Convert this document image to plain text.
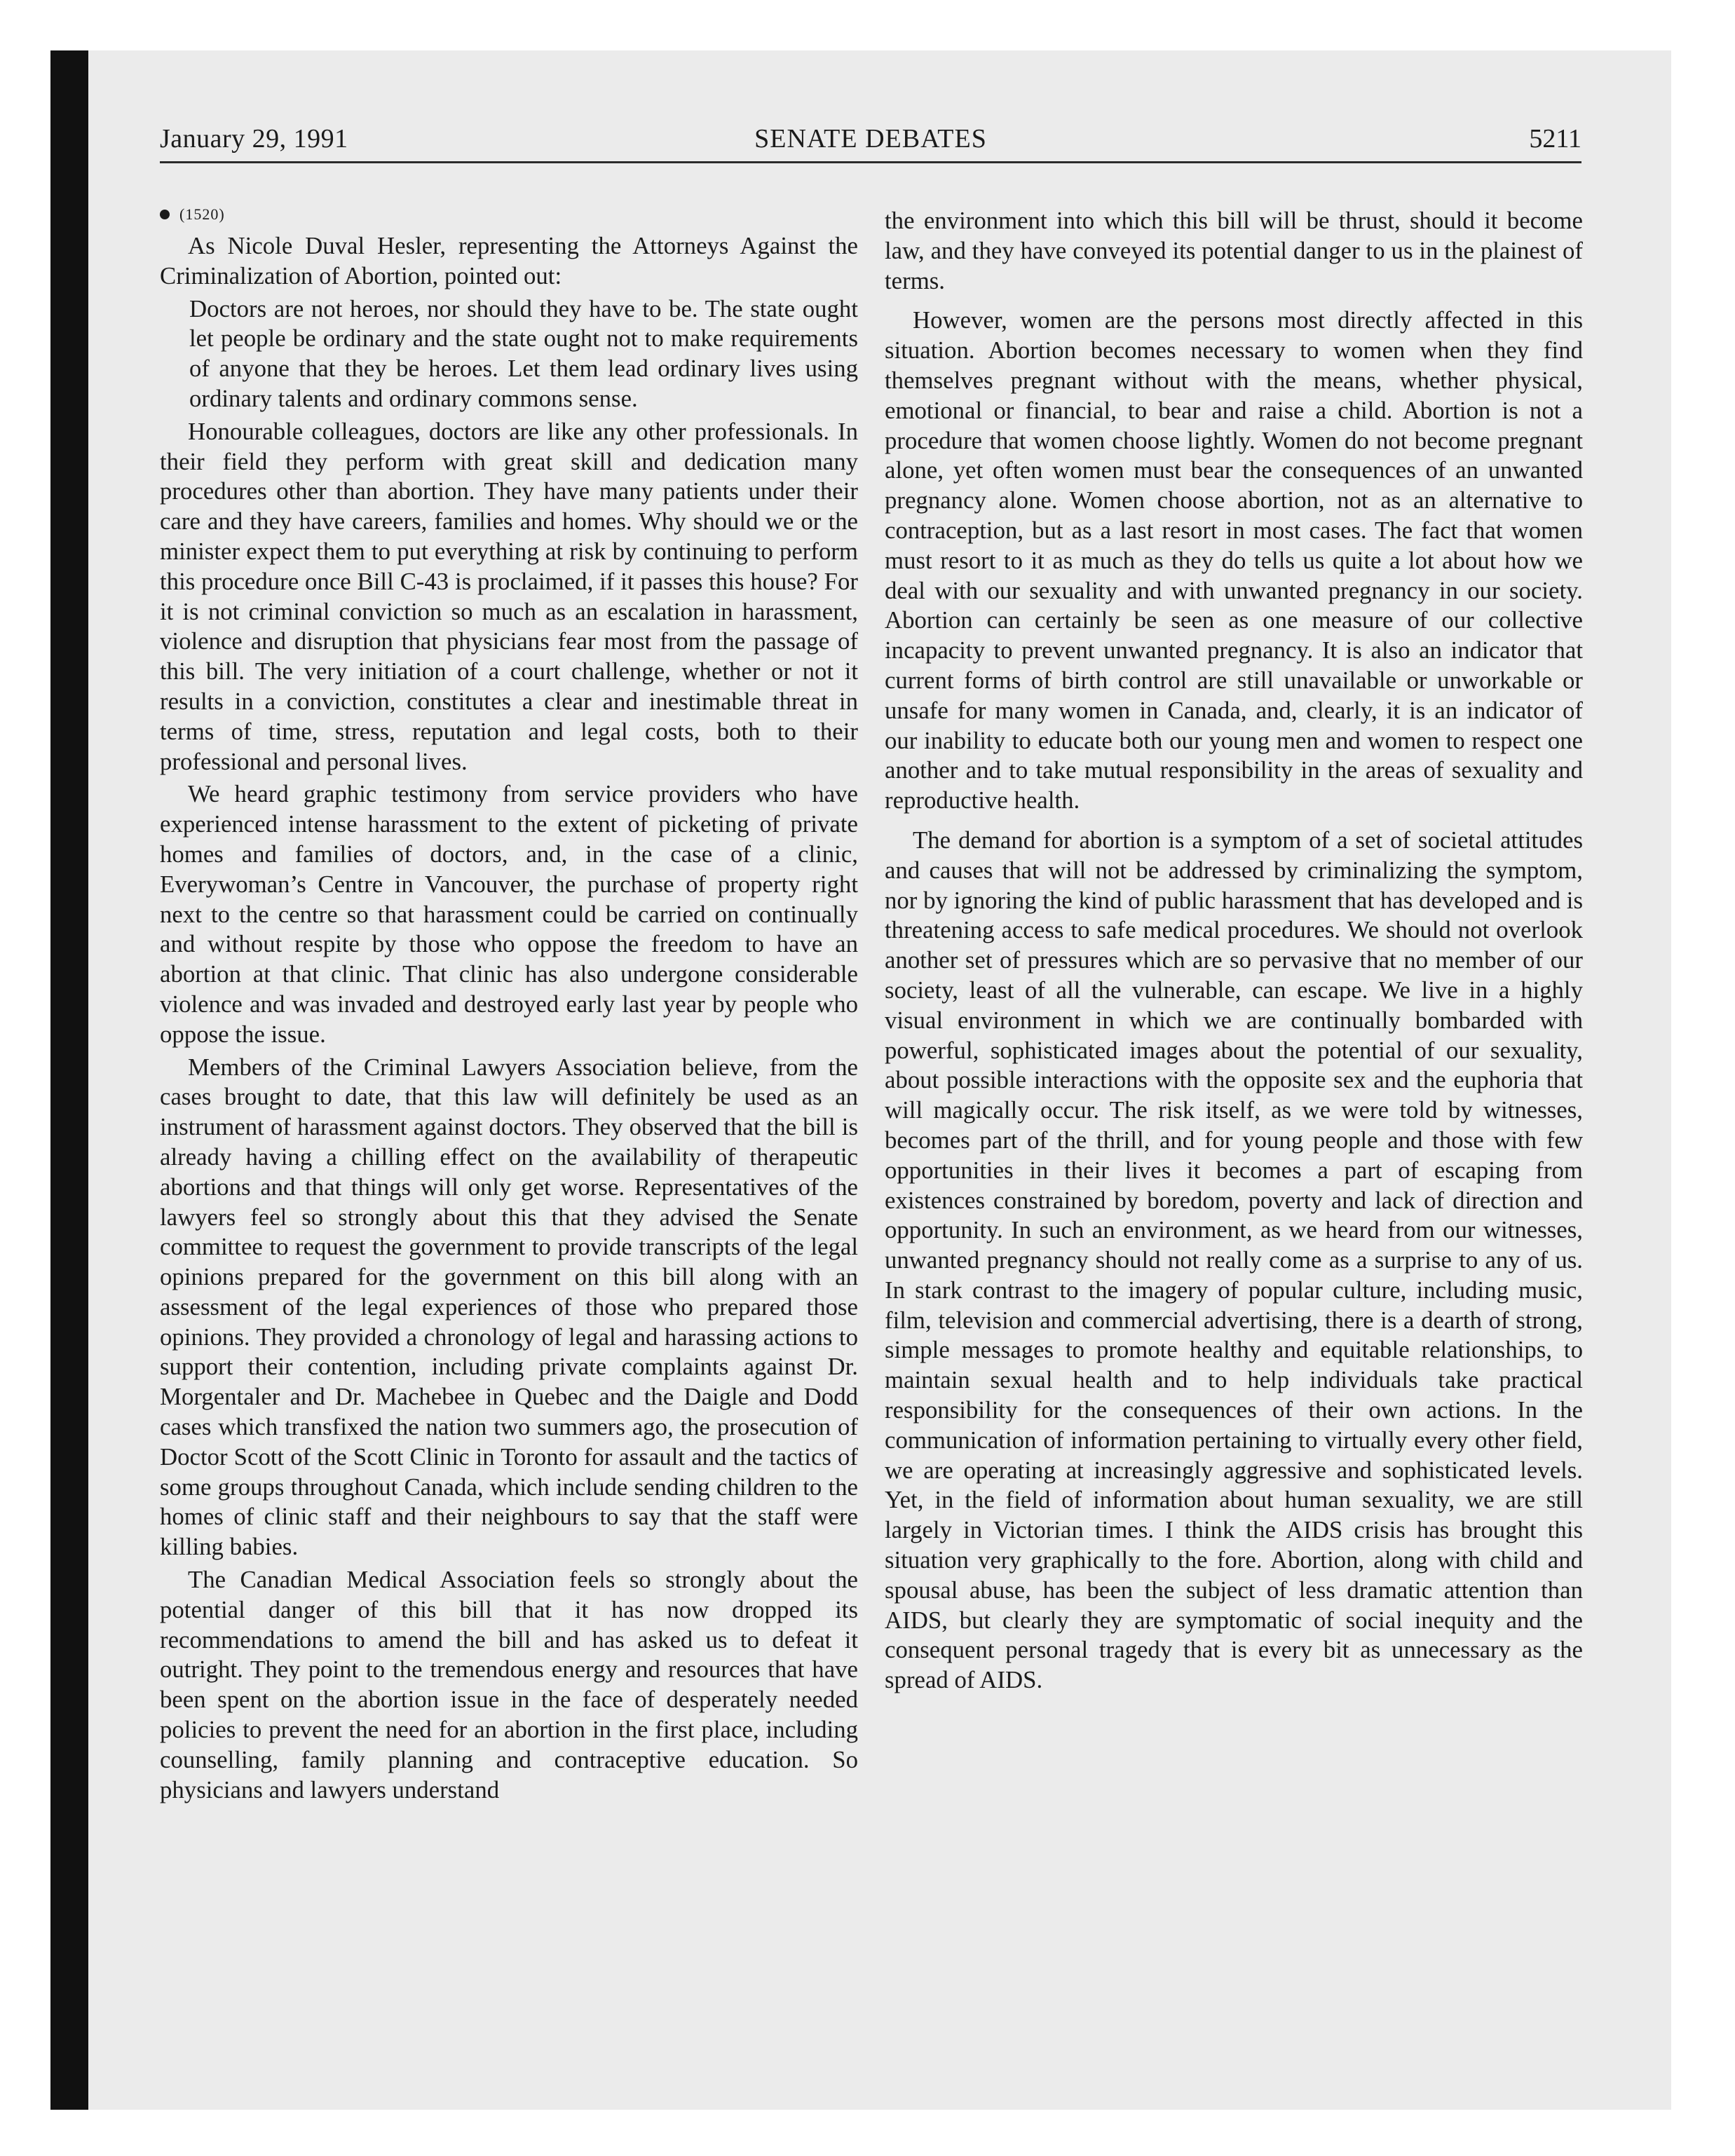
January 29, 1991	SENATE DEBATES	5211
(1520)

As Nicole Duval Hesler, representing the Attorneys Against the Criminalization of Abortion, pointed out:

Doctors are not heroes, nor should they have to be. The state ought let people be ordinary and the state ought not to make requirements of anyone that they be heroes. Let them lead ordinary lives using ordinary talents and ordinary commons sense.

Honourable colleagues, doctors are like any other professionals. In their field they perform with great skill and dedication many procedures other than abortion. They have many patients under their care and they have careers, families and homes. Why should we or the minister expect them to put everything at risk by continuing to perform this procedure once Bill C-43 is proclaimed, if it passes this house? For it is not criminal conviction so much as an escalation in harassment, violence and disruption that physicians fear most from the passage of this bill. The very initiation of a court challenge, whether or not it results in a conviction, constitutes a clear and inestimable threat in terms of time, stress, reputation and legal costs, both to their professional and personal lives.

We heard graphic testimony from service providers who have experienced intense harassment to the extent of picketing of private homes and families of doctors, and, in the case of a clinic, Everywoman’s Centre in Vancouver, the purchase of property right next to the centre so that harassment could be carried on continually and without respite by those who oppose the freedom to have an abortion at that clinic. That clinic has also undergone considerable violence and was invaded and destroyed early last year by people who oppose the issue.

Members of the Criminal Lawyers Association believe, from the cases brought to date, that this law will definitely be used as an instrument of harassment against doctors. They observed that the bill is already having a chilling effect on the availability of therapeutic abortions and that things will only get worse. Representatives of the lawyers feel so strongly about this that they advised the Senate committee to request the government to provide transcripts of the legal opinions prepared for the government on this bill along with an assessment of the legal experiences of those who prepared those opinions. They provided a chronology of legal and harassing actions to support their contention, including private complaints against Dr. Morgentaler and Dr. Machebee in Quebec and the Daigle and Dodd cases which transfixed the nation two summers ago, the prosecution of Doctor Scott of the Scott Clinic in Toronto for assault and the tactics of some groups throughout Canada, which include sending children to the homes of clinic staff and their neighbours to say that the staff were killing babies.

The Canadian Medical Association feels so strongly about the potential danger of this bill that it has now dropped its recommendations to amend the bill and has asked us to defeat it outright. They point to the tremendous energy and resources that have been spent on the abortion issue in the face of desperately needed policies to prevent the need for an abortion in the first place, including counselling, family planning and contraceptive education. So physicians and lawyers understand

the environment into which this bill will be thrust, should it become law, and they have conveyed its potential danger to us in the plainest of terms.

However, women are the persons most directly affected in this situation. Abortion becomes necessary to women when they find themselves pregnant without with the means, whether physical, emotional or financial, to bear and raise a child. Abortion is not a procedure that women choose lightly. Women do not become pregnant alone, yet often women must bear the consequences of an unwanted pregnancy alone. Women choose abortion, not as an alternative to contraception, but as a last resort in most cases. The fact that women must resort to it as much as they do tells us quite a lot about how we deal with our sexuality and with unwanted pregnancy in our society. Abortion can certainly be seen as one measure of our collective incapacity to prevent unwanted pregnancy. It is also an indicator that current forms of birth control are still unavailable or unworkable or unsafe for many women in Canada, and, clearly, it is an indicator of our inability to educate both our young men and women to respect one another and to take mutual responsibility in the areas of sexuality and reproductive health.

The demand for abortion is a symptom of a set of societal attitudes and causes that will not be addressed by criminalizing the symptom, nor by ignoring the kind of public harassment that has developed and is threatening access to safe medical procedures. We should not overlook another set of pressures which are so pervasive that no member of our society, least of all the vulnerable, can escape. We live in a highly visual environment in which we are continually bombarded with powerful, sophisticated images about the potential of our sexuality, about possible interactions with the opposite sex and the euphoria that will magically occur. The risk itself, as we were told by witnesses, becomes part of the thrill, and for young people and those with few opportunities in their lives it becomes a part of escaping from existences constrained by boredom, poverty and lack of direction and opportunity. In such an environment, as we heard from our witnesses, unwanted pregnancy should not really come as a surprise to any of us. In stark contrast to the imagery of popular culture, including music, film, television and commercial advertising, there is a dearth of strong, simple messages to promote healthy and equitable relationships, to maintain sexual health and to help individuals take practical responsibility for the consequences of their own actions. In the communication of information pertaining to virtually every other field, we are operating at increasingly aggressive and sophisticated levels. Yet, in the field of information about human sexuality, we are still largely in Victorian times. I think the AIDS crisis has brought this situation very graphically to the fore. Abortion, along with child and spousal abuse, has been the subject of less dramatic attention than AIDS, but clearly they are symptomatic of social inequity and the consequent personal tragedy that is every bit as unnecessary as the spread of AIDS.
